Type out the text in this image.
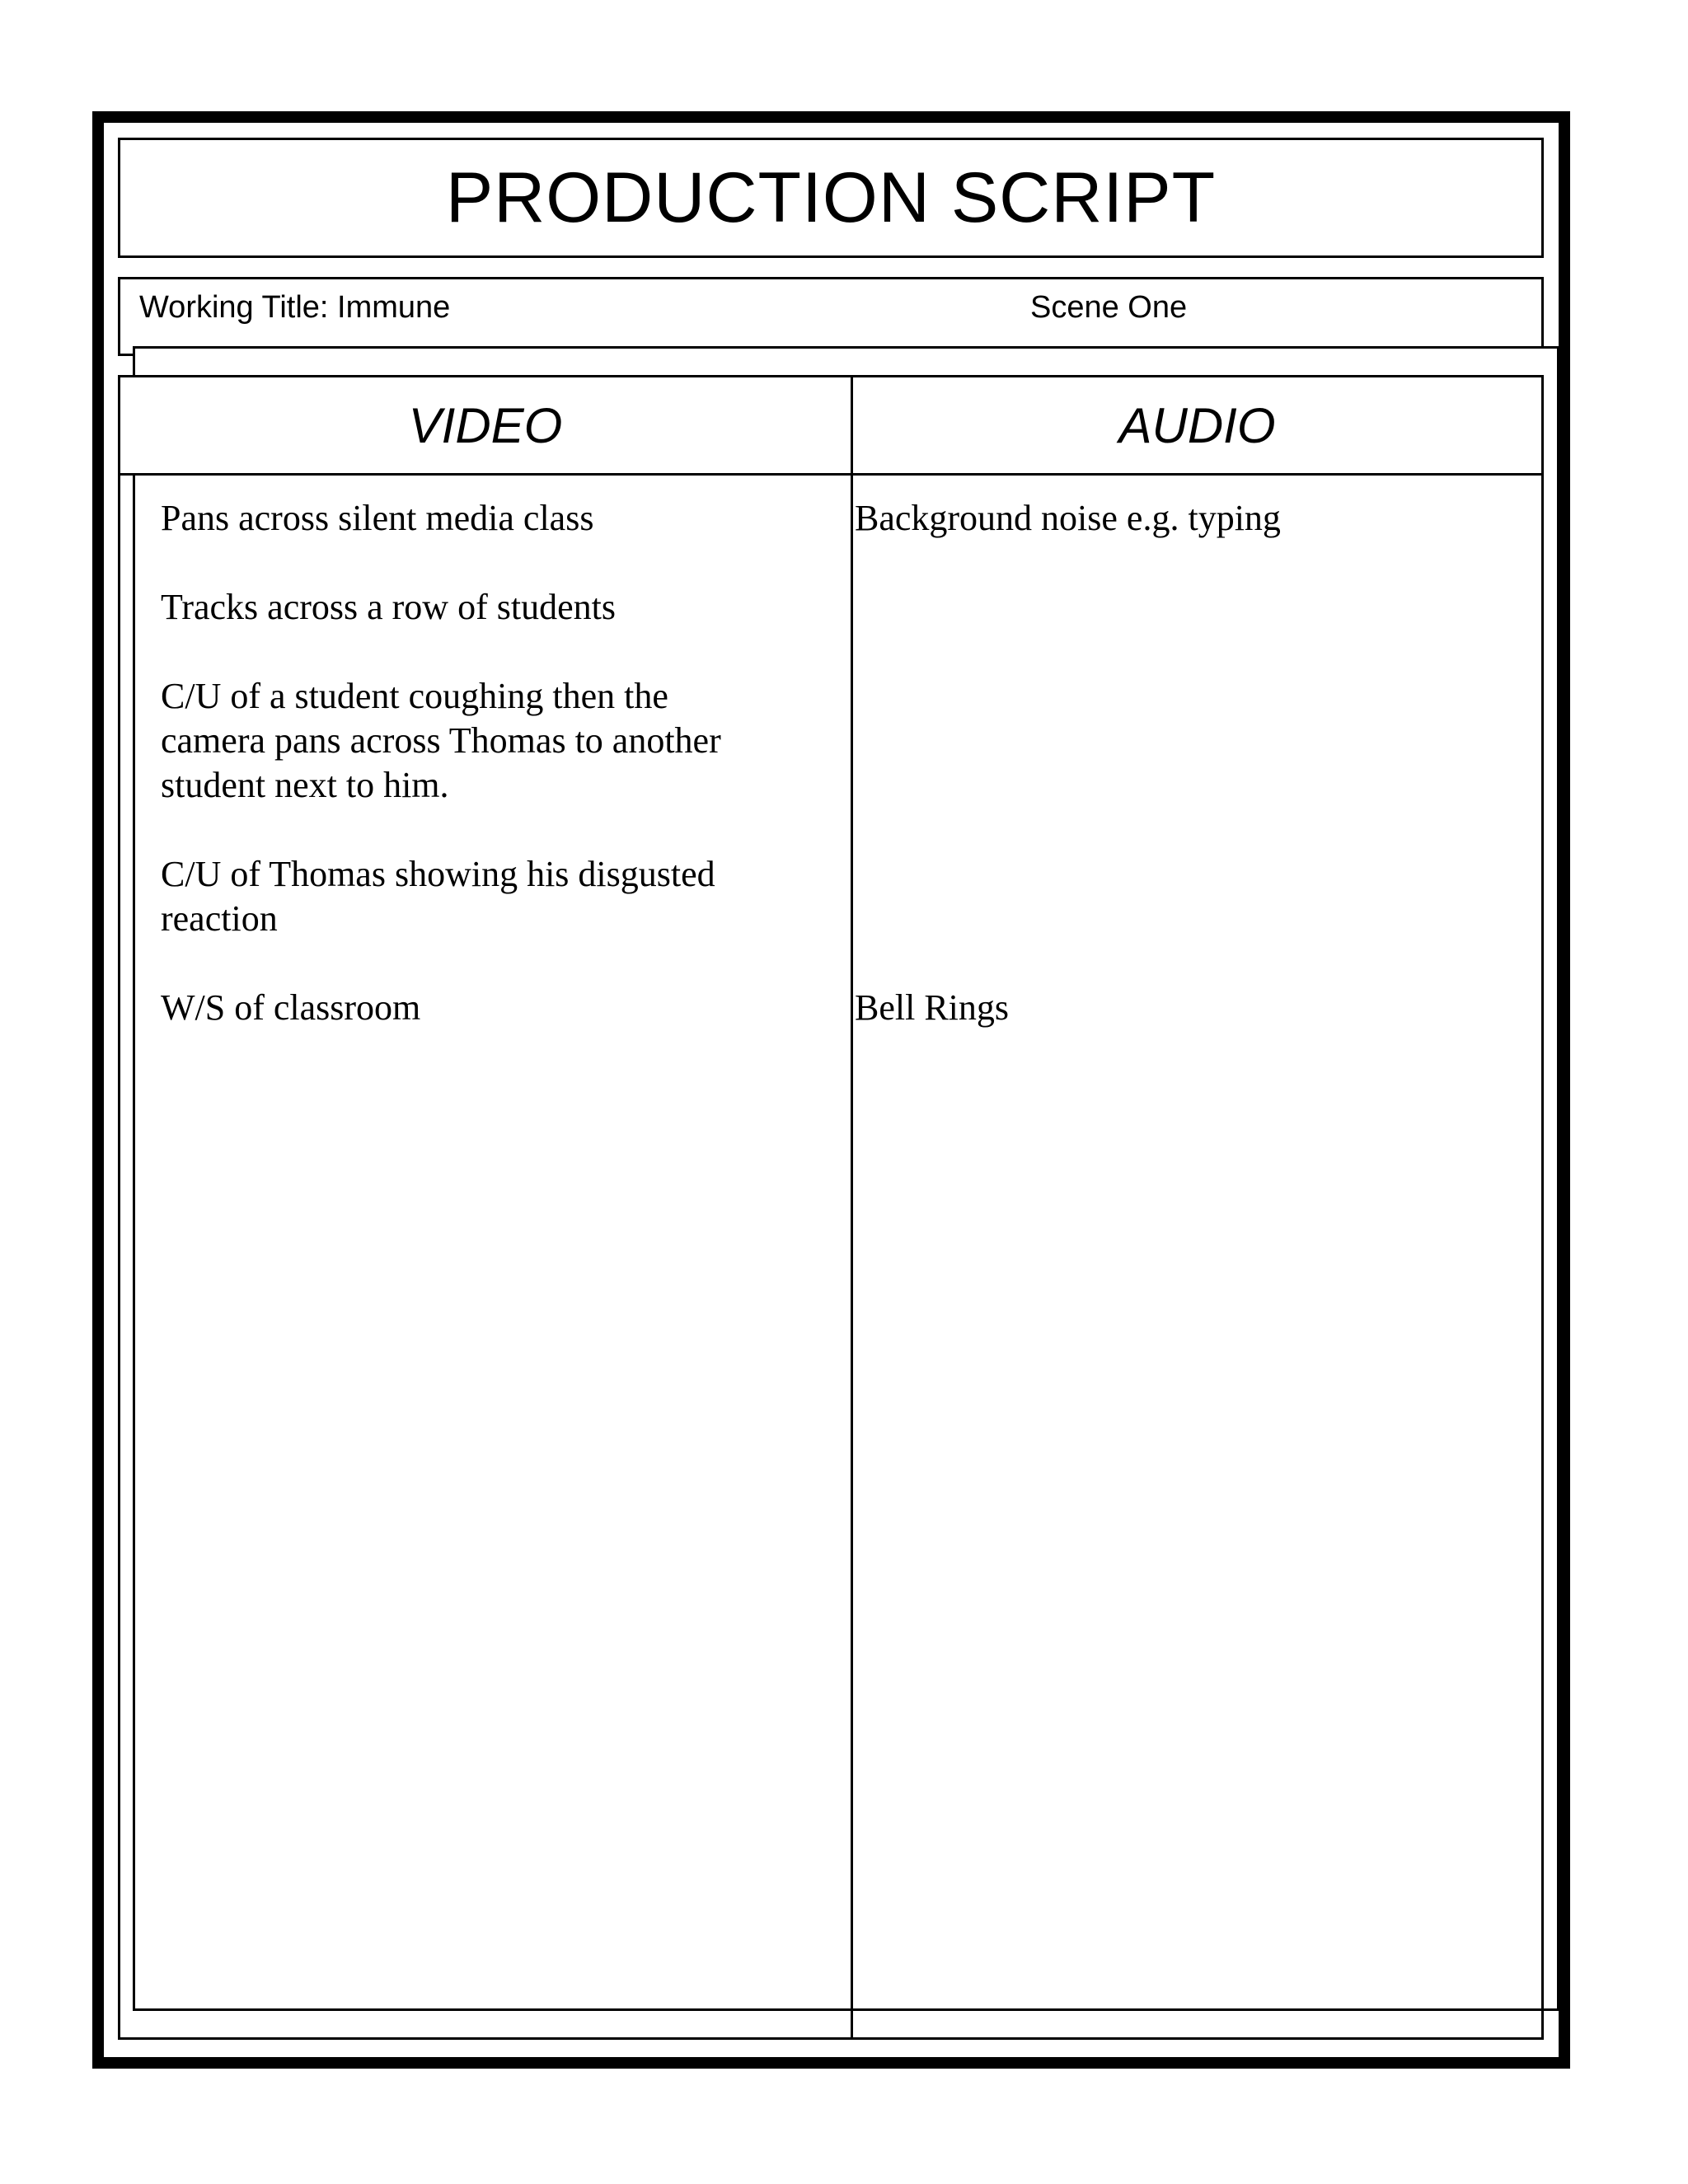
PRODUCTION SCRIPT
Working Title: Immune	Scene One
VIDEO	AUDIO
Pans across silent media class
Tracks across a row of students
C/U of a student coughing then the
camera pans across Thomas to another
student next to him.
C/U of Thomas showing his disgusted
reaction
W/S of classroom
Background noise e.g. typing
Bell Rings
